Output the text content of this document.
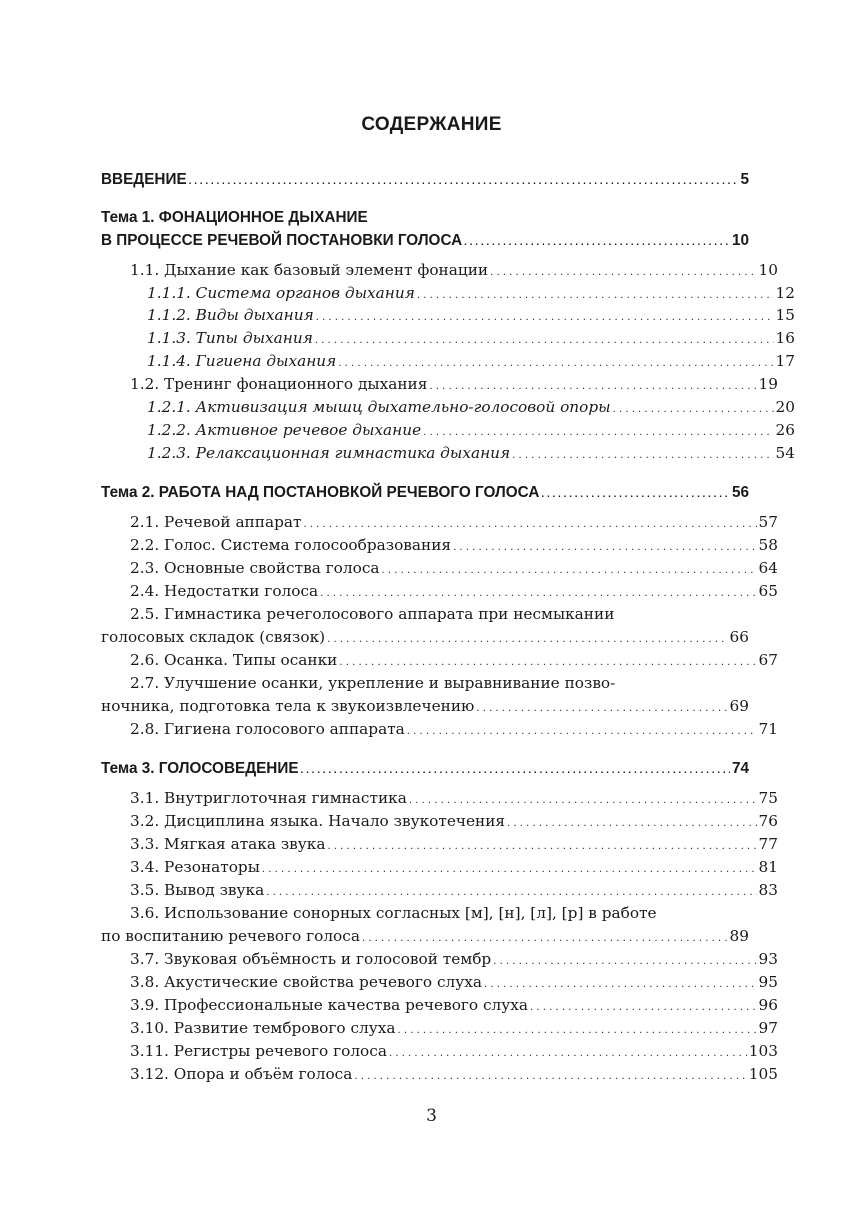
СОДЕРЖАНИЕ
ВВЕДЕНИЕ . . .	5
Тема 1. ФОНАЦИОННОЕ ДЫХАНИЕ
В ПРОЦЕССЕ РЕЧЕВОЙ ПОСТАНОВКИ ГОЛОСА . . .	10
1.1. Дыхание как базовый элемент фонации . . .	10
1.1.1. Система органов дыхания . . .	12
1.1.2. Виды дыхания . . .	15
1.1.3. Типы дыхания . . .	16
1.1.4. Гигиена дыхания . . .	17
1.2. Тренинг фонационного дыхания . . .	19
1.2.1. Активизация мышц дыхательно-голосовой опоры . . .	20
1.2.2. Активное речевое дыхание . . .	26
1.2.3. Релаксационная гимнастика дыхания . . .	54
Тема 2. РАБОТА НАД ПОСТАНОВКОЙ РЕЧЕВОГО ГОЛОСА . . .	56
2.1. Речевой аппарат . . .	57
2.2. Голос. Система голосообразования . . .	58
2.3. Основные свойства голоса . . .	64
2.4. Недостатки голоса . . .	65
2.5. Гимнастика речеголосового аппарата при несмыкании
голосовых складок (связок) . . .	66
2.6. Осанка. Типы осанки . . .	67
2.7. Улучшение осанки, укрепление и выравнивание позво-
ночника, подготовка тела к звукоизвлечению . . .	69
2.8. Гигиена голосового аппарата . . .	71
Тема 3. ГОЛОСОВЕДЕНИЕ . . .	74
3.1. Внутриглоточная гимнастика . . .	75
3.2. Дисциплина языка. Начало звукотечения . . .	76
3.3. Мягкая атака звука . . .	77
3.4. Резонаторы . . .	81
3.5. Вывод звука . . .	83
3.6. Использование сонорных согласных [м], [н], [л], [р] в работе
по воспитанию речевого голоса . . .	89
3.7. Звуковая объёмность и голосовой тембр . . .	93
3.8. Акустические свойства речевого слуха . . .	95
3.9. Профессиональные качества речевого слуха . . .	96
3.10. Развитие тембрового слуха . . .	97
3.11. Регистры речевого голоса . . .	103
3.12. Опора и объём голоса . . .	105
3
